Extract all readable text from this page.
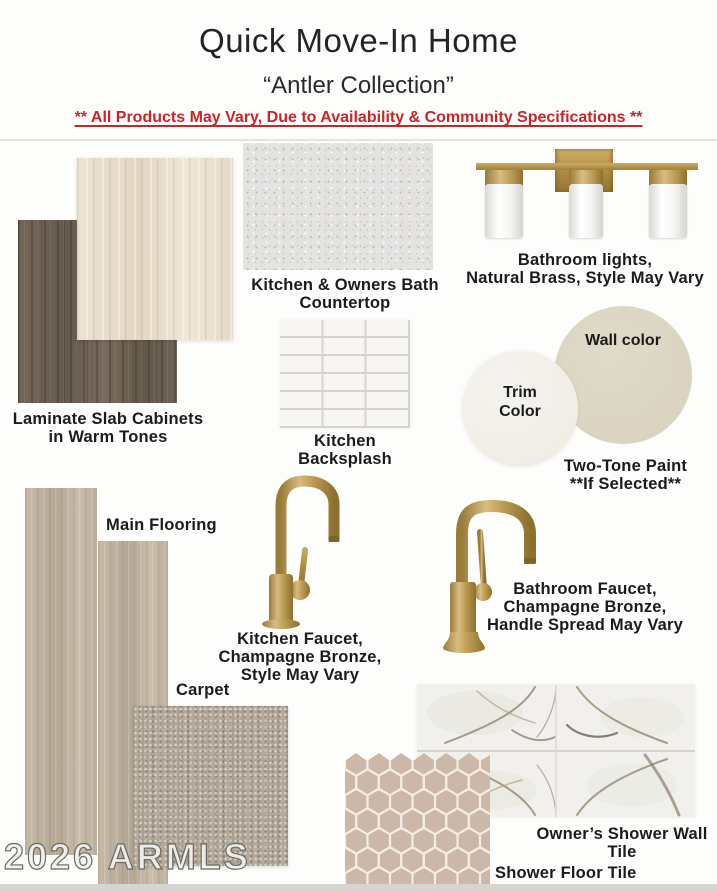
Quick Move-In Home
“Antler Collection”
** All Products May Vary, Due to Availability & Community Specifications **
Laminate Slab Cabinets
in Warm Tones
Kitchen & Owners Bath
Countertop
Bathroom lights,
Natural Brass, Style May Vary
Kitchen
Backsplash
Wall color
Trim
Color
Two-Tone Paint
**If Selected**
Main Flooring
Kitchen Faucet,
Champagne Bronze,
Style May Vary
Bathroom Faucet,
Champagne Bronze,
Handle Spread May Vary
Carpet
Owner’s Shower Wall Tile
Shower Floor Tile
2026 ARMLS
